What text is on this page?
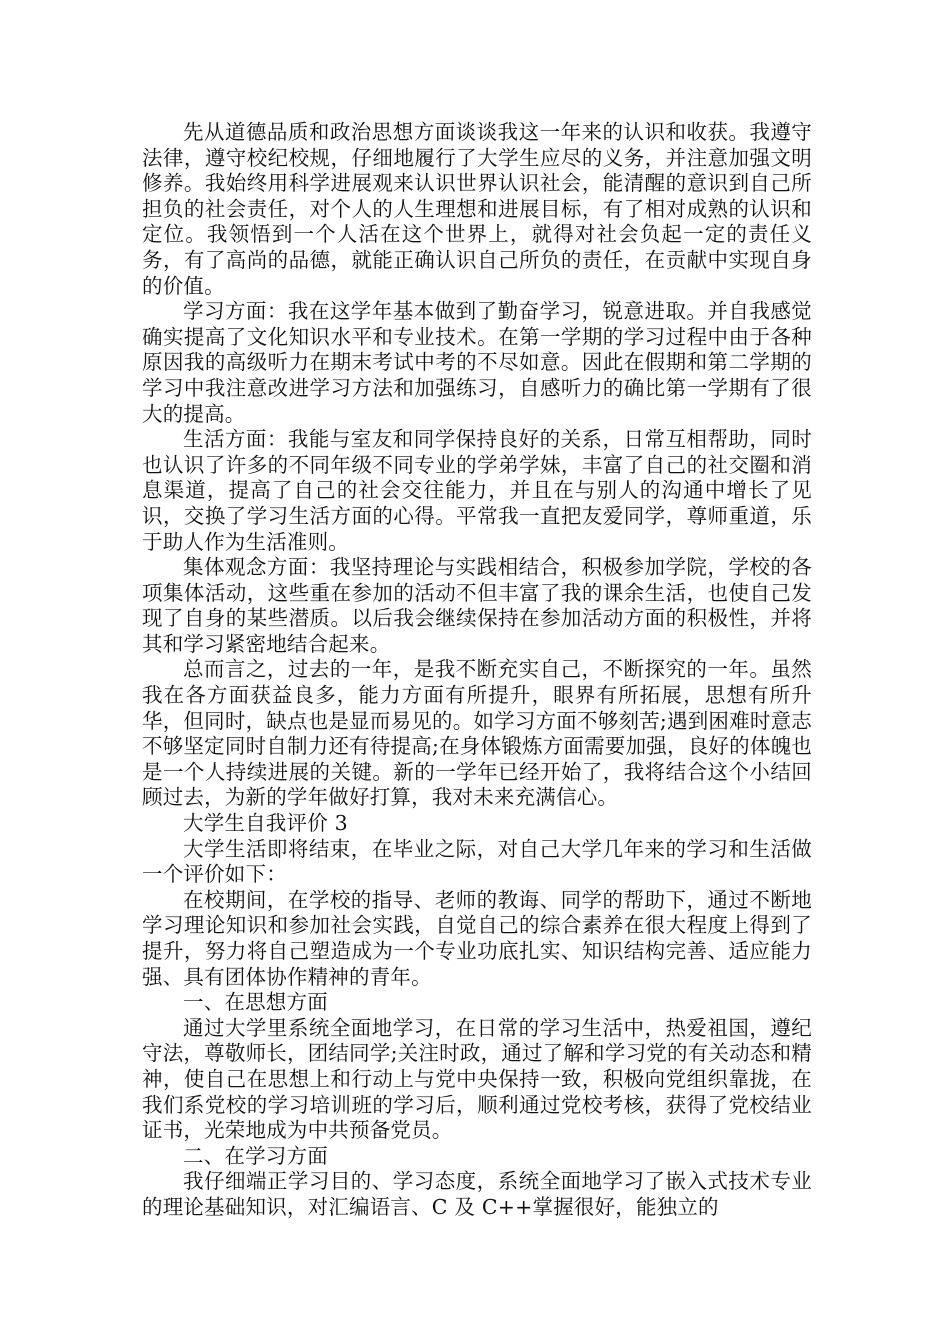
先从道德品质和政治思想方面谈谈我这一年来的认识和收获。我遵守法律，遵守校纪校规，仔细地履行了大学生应尽的义务，并注意加强文明修养。我始终用科学进展观来认识世界认识社会，能清醒的意识到自己所担负的社会责任，对个人的人生理想和进展目标，有了相对成熟的认识和定位。我领悟到一个人活在这个世界上，就得对社会负起一定的责任义务，有了高尚的品德，就能正确认识自己所负的责任，在贡献中实现自身的价值。

学习方面：我在这学年基本做到了勤奋学习，锐意进取。并自我感觉确实提高了文化知识水平和专业技术。在第一学期的学习过程中由于各种原因我的高级听力在期末考试中考的不尽如意。因此在假期和第二学期的学习中我注意改进学习方法和加强练习，自感听力的确比第一学期有了很大的提高。

生活方面：我能与室友和同学保持良好的关系，日常互相帮助，同时也认识了许多的不同年级不同专业的学弟学妹，丰富了自己的社交圈和消息渠道，提高了自己的社会交往能力，并且在与别人的沟通中增长了见识，交换了学习生活方面的心得。平常我一直把友爱同学，尊师重道，乐于助人作为生活准则。

集体观念方面：我坚持理论与实践相结合，积极参加学院，学校的各项集体活动，这些重在参加的活动不但丰富了我的课余生活，也使自己发现了自身的某些潜质。以后我会继续保持在参加活动方面的积极性，并将其和学习紧密地结合起来。

总而言之，过去的一年，是我不断充实自己，不断探究的一年。虽然我在各方面获益良多，能力方面有所提升，眼界有所拓展，思想有所升华，但同时，缺点也是显而易见的。如学习方面不够刻苦;遇到困难时意志不够坚定同时自制力还有待提高;在身体锻炼方面需要加强，良好的体魄也是一个人持续进展的关键。新的一学年已经开始了，我将结合这个小结回顾过去，为新的学年做好打算，我对未来充满信心。

大学生自我评价 3

大学生活即将结束，在毕业之际，对自己大学几年来的学习和生活做一个评价如下：

在校期间，在学校的指导、老师的教诲、同学的帮助下，通过不断地学习理论知识和参加社会实践，自觉自己的综合素养在很大程度上得到了提升，努力将自己塑造成为一个专业功底扎实、知识结构完善、适应能力强、具有团体协作精神的青年。

一、在思想方面

通过大学里系统全面地学习，在日常的学习生活中，热爱祖国，遵纪守法，尊敬师长，团结同学;关注时政，通过了解和学习党的有关动态和精神，使自己在思想上和行动上与党中央保持一致，积极向党组织靠拢，在我们系党校的学习培训班的学习后，顺利通过党校考核，获得了党校结业证书，光荣地成为中共预备党员。

二、在学习方面

我仔细端正学习目的、学习态度，系统全面地学习了嵌入式技术专业的理论基础知识，对汇编语言、C 及 C++掌握很好，能独立的
